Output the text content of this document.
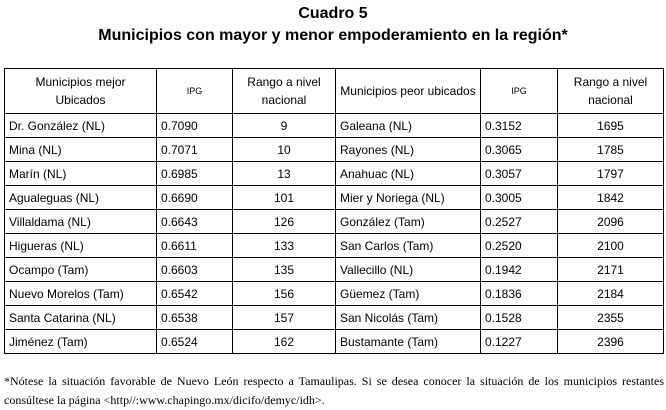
Cuadro 5
Municipios con mayor y menor empoderamiento en la región*
Municipios mejor Ubicados	IPG	Rango a nivel nacional	Municipios peor ubicados	IPG	Rango a nivel nacional
Dr. González (NL)	0.7090	9	Galeana (NL)	0.3152	1695
Mina (NL)	0.7071	10	Rayones (NL)	0.3065	1785
Marín (NL)	0.6985	13	Anahuac (NL)	0.3057	1797
Agualeguas (NL)	0.6690	101	Mier y Noriega (NL)	0.3005	1842
Villaldama (NL)	0.6643	126	González (Tam)	0.2527	2096
Higueras (NL)	0.6611	133	San Carlos (Tam)	0.2520	2100
Ocampo (Tam)	0.6603	135	Vallecillo (NL)	0.1942	2171
Nuevo Morelos (Tam)	0.6542	156	Güemez (Tam)	0.1836	2184
Santa Catarina (NL)	0.6538	157	San Nicolás (Tam)	0.1528	2355
Jiménez (Tam)	0.6524	162	Bustamante (Tam)	0.1227	2396

*Nótese la situación favorable de Nuevo León respecto a Tamaulipas. Si se desea conocer la situación de los municipios restantes consúltese la página <http//:www.chapingo.mx/dicifo/demyc/idh>.
